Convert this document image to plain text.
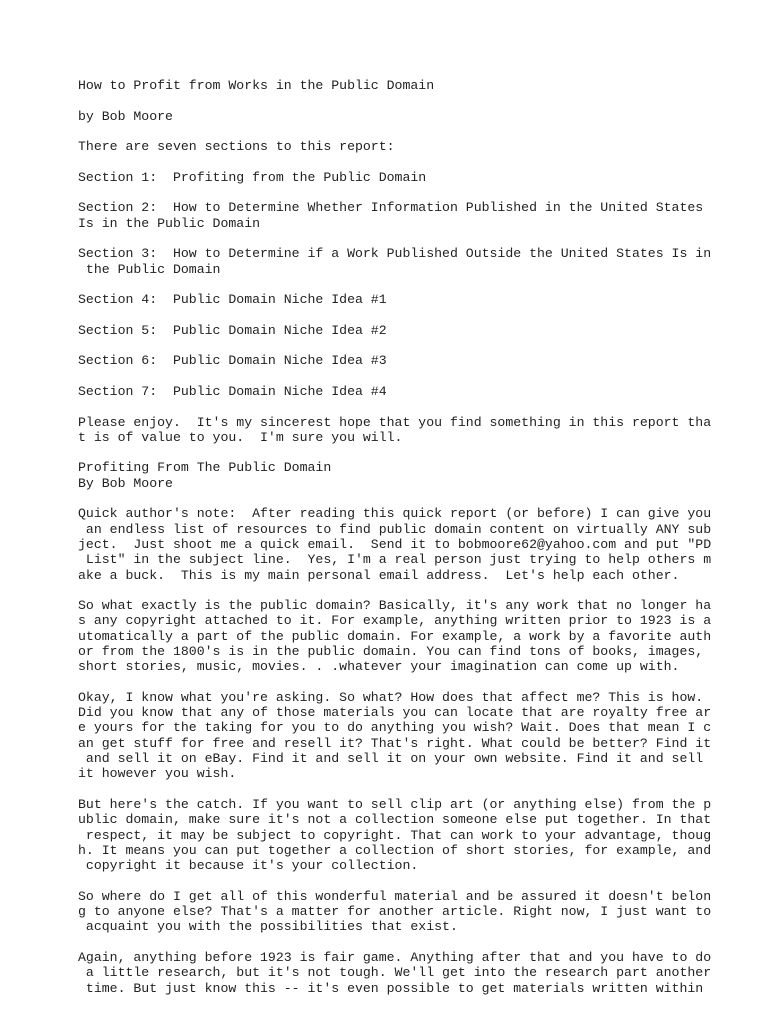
How to Profit from Works in the Public Domain
by Bob Moore
There are seven sections to this report:
Section 1:  Profiting from the Public Domain
Section 2:  How to Determine Whether Information Published in the United States
Is in the Public Domain
Section 3:  How to Determine if a Work Published Outside the United States Is in
the Public Domain
Section 4:  Public Domain Niche Idea #1
Section 5:  Public Domain Niche Idea #2
Section 6:  Public Domain Niche Idea #3
Section 7:  Public Domain Niche Idea #4
Please enjoy.  It's my sincerest hope that you find something in this report tha
t is of value to you.  I'm sure you will.
Profiting From The Public Domain
By Bob Moore
Quick author's note:  After reading this quick report (or before) I can give you
an endless list of resources to find public domain content on virtually ANY sub
ject.  Just shoot me a quick email.  Send it to bobmoore62@yahoo.com and put "PD
List" in the subject line.  Yes, I'm a real person just trying to help others m
ake a buck.  This is my main personal email address.  Let's help each other.
So what exactly is the public domain? Basically, it's any work that no longer ha
s any copyright attached to it. For example, anything written prior to 1923 is a
utomatically a part of the public domain. For example, a work by a favorite auth
or from the 1800's is in the public domain. You can find tons of books, images,
short stories, music, movies. . .whatever your imagination can come up with.
Okay, I know what you're asking. So what? How does that affect me? This is how.
Did you know that any of those materials you can locate that are royalty free ar
e yours for the taking for you to do anything you wish? Wait. Does that mean I c
an get stuff for free and resell it? That's right. What could be better? Find it
and sell it on eBay. Find it and sell it on your own website. Find it and sell
it however you wish.
But here's the catch. If you want to sell clip art (or anything else) from the p
ublic domain, make sure it's not a collection someone else put together. In that
respect, it may be subject to copyright. That can work to your advantage, thoug
h. It means you can put together a collection of short stories, for example, and
copyright it because it's your collection.
So where do I get all of this wonderful material and be assured it doesn't belon
g to anyone else? That's a matter for another article. Right now, I just want to
acquaint you with the possibilities that exist.
Again, anything before 1923 is fair game. Anything after that and you have to do
a little research, but it's not tough. We'll get into the research part another
time. But just know this -- it's even possible to get materials written within
